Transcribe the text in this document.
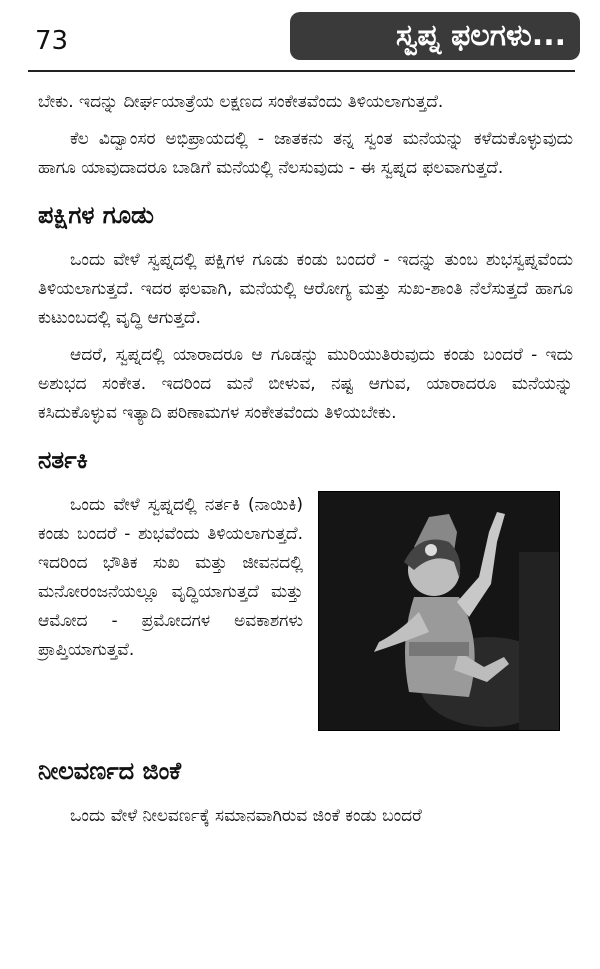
73	ಸ್ವಪ್ನ ಫಲಗಳು...

ಬೇಕು. ಇದನ್ನು ದೀರ್ಘಯಾತ್ರೆಯ ಲಕ್ಷಣದ ಸಂಕೇತವೆಂದು ತಿಳಿಯಲಾಗುತ್ತದೆ.

ಕೆಲ ವಿದ್ವಾಂಸರ ಅಭಿಪ್ರಾಯದಲ್ಲಿ - ಜಾತಕನು ತನ್ನ ಸ್ವಂತ ಮನೆಯನ್ನು ಕಳೆದುಕೊಳ್ಳುವುದು ಹಾಗೂ ಯಾವುದಾದರೂ ಬಾಡಿಗೆ ಮನೆಯಲ್ಲಿ ನೆಲಸುವುದು - ಈ ಸ್ವಪ್ನದ ಫಲವಾಗುತ್ತದೆ.

ಪಕ್ಷಿಗಳ ಗೂಡು

ಒಂದು ವೇಳೆ ಸ್ವಪ್ನದಲ್ಲಿ ಪಕ್ಷಿಗಳ ಗೂಡು ಕಂಡು ಬಂದರೆ - ಇದನ್ನು ತುಂಬ ಶುಭಸ್ವಪ್ನವೆಂದು ತಿಳಿಯಲಾಗುತ್ತದೆ. ಇದರ ಫಲವಾಗಿ, ಮನೆಯಲ್ಲಿ ಆರೋಗ್ಯ ಮತ್ತು ಸುಖ-ಶಾಂತಿ ನೆಲೆಸುತ್ತದೆ ಹಾಗೂ ಕುಟುಂಬದಲ್ಲಿ ವೃದ್ಧಿ ಆಗುತ್ತದೆ.

ಆದರೆ, ಸ್ವಪ್ನದಲ್ಲಿ ಯಾರಾದರೂ ಆ ಗೂಡನ್ನು ಮುರಿಯುತಿರುವುದು ಕಂಡು ಬಂದರೆ - ಇದು ಅಶುಭದ ಸಂಕೇತ. ಇದರಿಂದ ಮನೆ ಬೀಳುವ, ನಷ್ಟ ಆಗುವ, ಯಾರಾದರೂ ಮನೆಯನ್ನು ಕಸಿದುಕೊಳ್ಳುವ ಇತ್ಯಾದಿ ಪರಿಣಾಮಗಳ ಸಂಕೇತವೆಂದು ತಿಳಿಯಬೇಕು.

ನರ್ತಕಿ

ಒಂದು ವೇಳೆ ಸ್ವಪ್ನದಲ್ಲಿ ನರ್ತಕಿ (ನಾಯಿಕಿ) ಕಂಡು ಬಂದರೆ - ಶುಭವೆಂದು ತಿಳಿಯಲಾಗುತ್ತದೆ. ಇದರಿಂದ ಭೌತಿಕ ಸುಖ ಮತ್ತು ಜೀವನದಲ್ಲಿ ಮನೋರಂಜನೆಯಲ್ಲೂ ವೃದ್ಧಿಯಾಗುತ್ತದೆ ಮತ್ತು ಆಮೋದ - ಪ್ರಮೋದಗಳ ಅವಕಾಶಗಳು ಪ್ರಾಪ್ತಿಯಾಗುತ್ತವೆ.

ನೀಲವರ್ಣದ ಜಿಂಕೆ

ಒಂದು ವೇಳೆ ನೀಲವರ್ಣಕ್ಕೆ ಸಮಾನವಾಗಿರುವ ಜಿಂಕೆ ಕಂಡು ಬಂದರೆ
